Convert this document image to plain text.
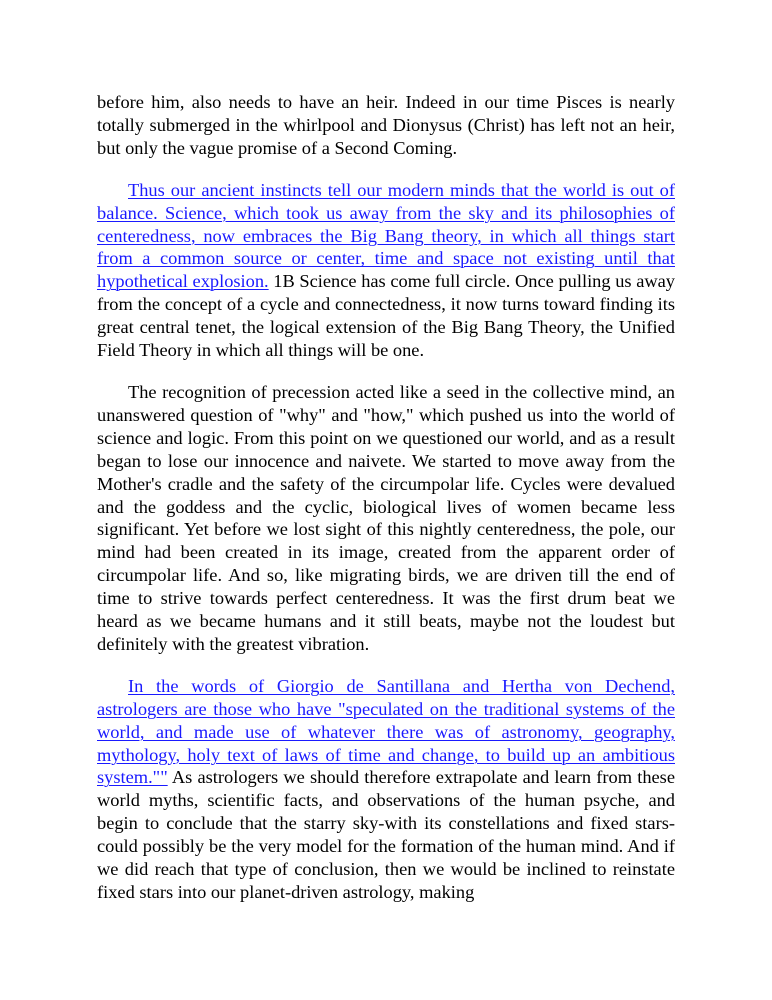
before him, also needs to have an heir. Indeed in our time Pisces is nearly totally submerged in the whirlpool and Dionysus (Christ) has left not an heir, but only the vague promise of a Second Coming.

Thus our ancient instincts tell our modern minds that the world is out of balance. Science, which took us away from the sky and its philosophies of centeredness, now embraces the Big Bang theory, in which all things start from a common source or center, time and space not existing until that hypothetical explosion. 1B Science has come full circle. Once pulling us away from the concept of a cycle and connectedness, it now turns toward finding its great central tenet, the logical extension of the Big Bang Theory, the Unified Field Theory in which all things will be one.

The recognition of precession acted like a seed in the collective mind, an unanswered question of "why" and "how," which pushed us into the world of science and logic. From this point on we questioned our world, and as a result began to lose our innocence and naivete. We started to move away from the Mother's cradle and the safety of the circumpolar life. Cycles were devalued and the goddess and the cyclic, biological lives of women became less significant. Yet before we lost sight of this nightly centeredness, the pole, our mind had been created in its image, created from the apparent order of circumpolar life. And so, like migrating birds, we are driven till the end of time to strive towards perfect centeredness. It was the first drum beat we heard as we became humans and it still beats, maybe not the loudest but definitely with the greatest vibration.

In the words of Giorgio de Santillana and Hertha von Dechend, astrologers are those who have "speculated on the traditional systems of the world, and made use of whatever there was of astronomy, geography, mythology, holy text of laws of time and change, to build up an ambitious system."" As astrologers we should therefore extrapolate and learn from these world myths, scientific facts, and observations of the human psyche, and begin to conclude that the starry sky-with its constellations and fixed stars-could possibly be the very model for the formation of the human mind. And if we did reach that type of conclusion, then we would be inclined to reinstate fixed stars into our planet-driven astrology, making
